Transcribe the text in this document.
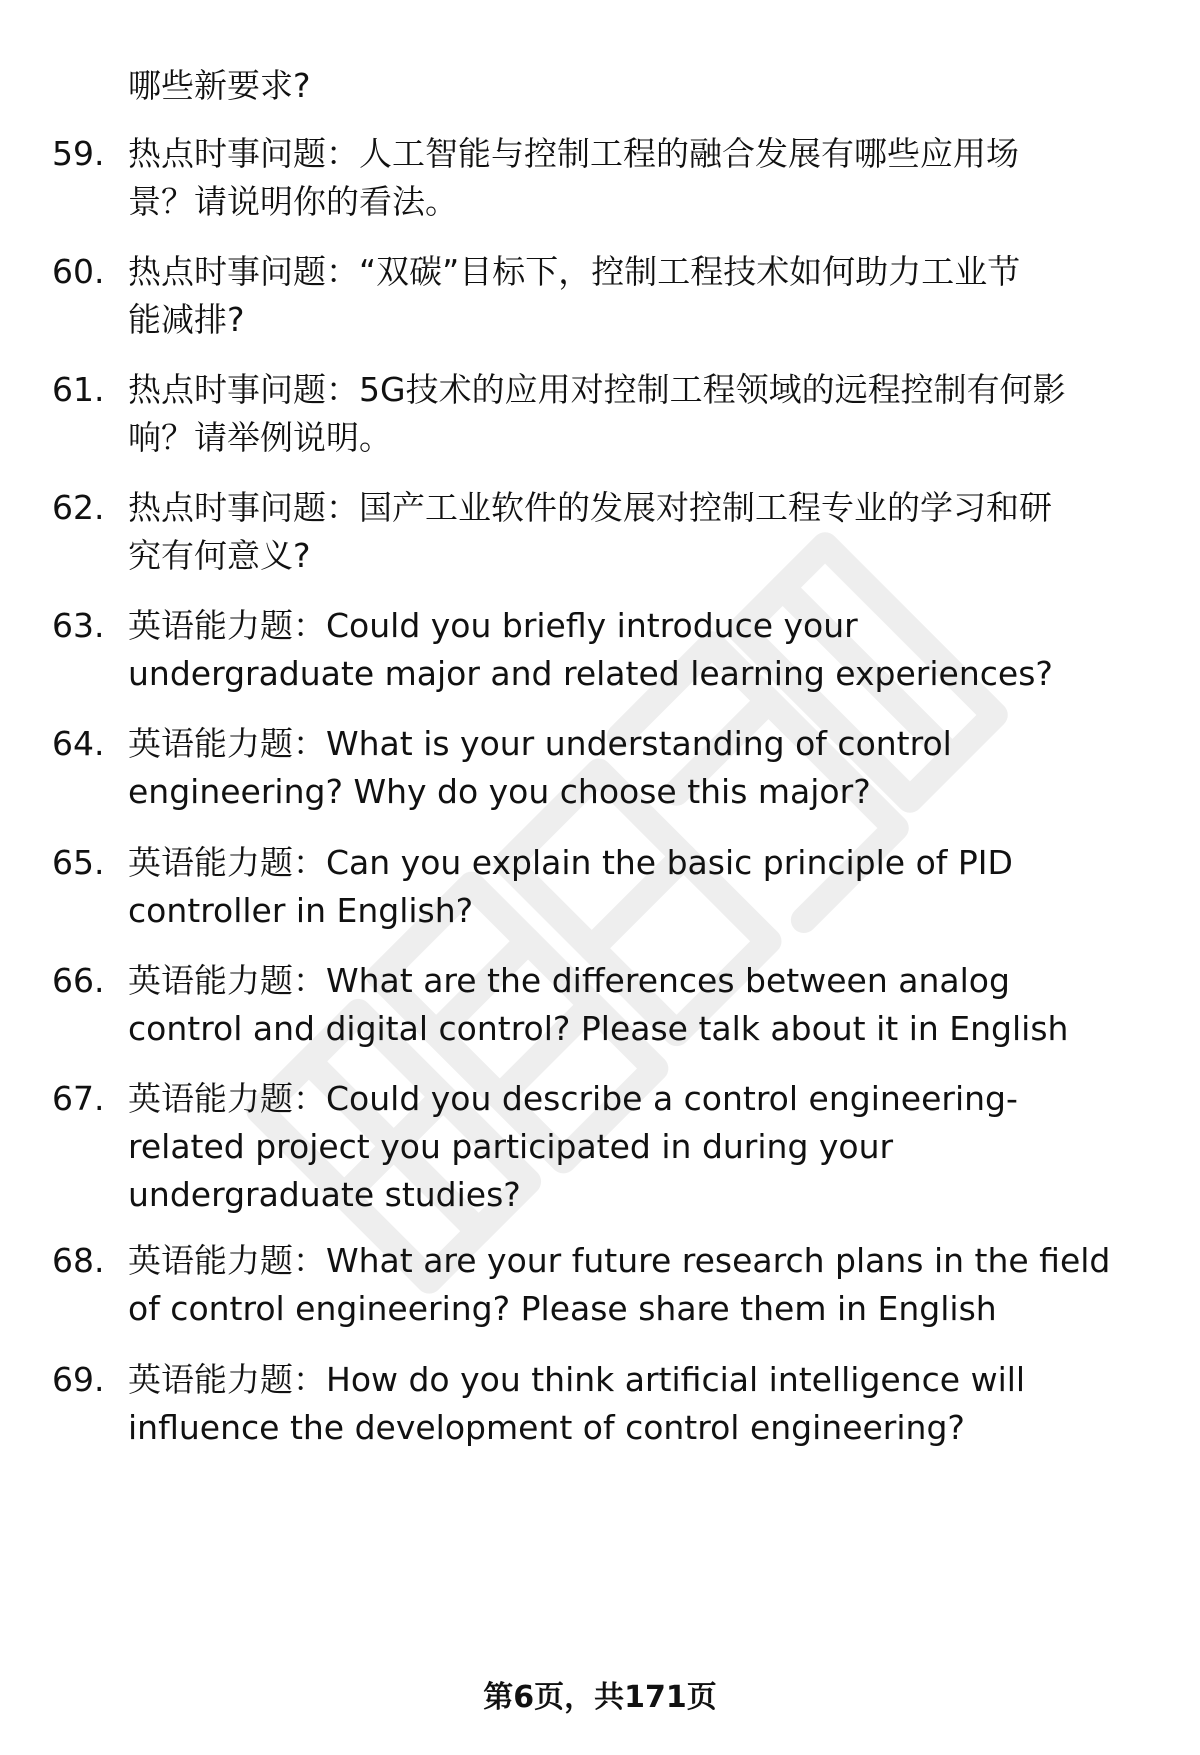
哪些新要求?
59. 热点时事问题：人工智能与控制工程的融合发展有哪些应用场
景？请说明你的看法。
60. 热点时事问题：“双碳”目标下，控制工程技术如何助力工业节
能减排?
61. 热点时事问题：5G技术的应用对控制工程领域的远程控制有何影
响？请举例说明。
62. 热点时事问题：国产工业软件的发展对控制工程专业的学习和研
究有何意义?
63. 英语能力题：Could you briefly introduce your
undergraduate major and related learning experiences?
64. 英语能力题：What is your understanding of control
engineering? Why do you choose this major?
65. 英语能力题：Can you explain the basic principle of PID
controller in English?
66. 英语能力题：What are the differences between analog
control and digital control? Please talk about it in English
67. 英语能力题：Could you describe a control engineering-
related project you participated in during your
undergraduate studies?
68. 英语能力题：What are your future research plans in the field
of control engineering? Please share them in English
69. 英语能力题：How do you think artificial intelligence will
influence the development of control engineering?
第6页，共171页
